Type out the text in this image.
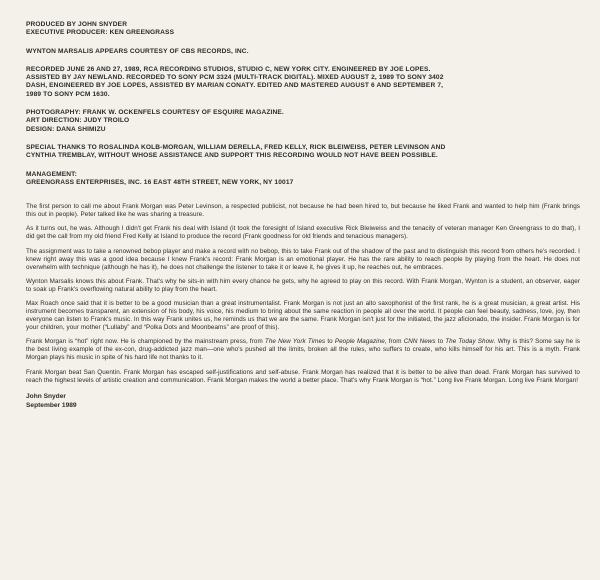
PRODUCED BY JOHN SNYDER

EXECUTIVE PRODUCER: KEN GREENGRASS

WYNTON MARSALIS APPEARS COURTESY OF CBS RECORDS, INC.

RECORDED JUNE 26 AND 27, 1989, RCA RECORDING STUDIOS, STUDIO C, NEW YORK CITY. ENGINEERED BY JOE LOPES.

ASSISTED BY JAY NEWLAND. RECORDED TO SONY PCM 3324 (MULTI-TRACK DIGITAL). MIXED AUGUST 2, 1989 TO SONY 3402

DASH, ENGINEERED BY JOE LOPES, ASSISTED BY MARIAN CONATY. EDITED AND MASTERED AUGUST 6 AND SEPTEMBER 7,

1989 TO SONY PCM 1630.

PHOTOGRAPHY: FRANK W. OCKENFELS COURTESY OF ESQUIRE MAGAZINE.

ART DIRECTION: JUDY TROILO

DESIGN: DANA SHIMIZU

SPECIAL THANKS TO ROSALINDA KOLB-MORGAN, WILLIAM DERELLA, FRED KELLY, RICK BLEIWEISS, PETER LEVINSON AND

CYNTHIA TREMBLAY, WITHOUT WHOSE ASSISTANCE AND SUPPORT THIS RECORDING WOULD NOT HAVE BEEN POSSIBLE.

MANAGEMENT:

GREENGRASS ENTERPRISES, INC. 16 EAST 48TH STREET, NEW YORK, NY 10017

The first person to call me about Frank Morgan was Peter Levinson, a respected publicist, not because he had been hired to, but because he liked Frank and wanted to help him (Frank brings this out in people). Peter talked like he was sharing a treasure.

As it turns out, he was. Although I didn't get Frank his deal with Island (it took the foresight of Island executive Rick Bleiweiss and the tenacity of veteran manager Ken Greengrass to do that), I did get the call from my old friend Fred Kelly at Island to produce the record (Frank goodness for old friends and tenacious managers).

The assignment was to take a renowned bebop player and make a record with no bebop, this to take Frank out of the shadow of the past and to distinguish this record from others he's recorded. I knew right away this was a good idea because I knew Frank's record: Frank Morgan is an emotional player. He has the rare ability to reach people by playing from the heart. He does not overwhelm with technique (although he has it), he does not challenge the listener to take it or leave it, he gives it up, he reaches out, he embraces.

Wynton Marsalis knows this about Frank. That's why he sits-in with him every chance he gets, why he agreed to play on this record. With Frank Morgan, Wynton is a student, an observer, eager to soak up Frank's overflowing natural ability to play from the heart.

Max Roach once said that it is better to be a good musician than a great instrumentalist. Frank Morgan is not just an alto saxophonist of the first rank, he is a great musician, a great artist. His instrument becomes transparent, an extension of his body, his voice, his medium to bring about the same reaction in people all over the world. It people can feel beauty, sadness, love, joy, then everyone can listen to Frank's music. In this way Frank unites us, he reminds us that we are the same. Frank Morgan isn't just for the initiated, the jazz aficionado, the insider. Frank Morgan is for your children, your mother (“Lullaby” and “Polka Dots and Moonbeams” are proof of this).

Frank Morgan is “hot” right now. He is championed by the mainstream press, from The New York Times to People Magazine, from CNN News to The Today Show. Why is this? Some say he is the best living example of the ex-con, drug-addicted jazz man—one who's pushed all the limits, broken all the rules, who suffers to create, who kills himself for his art. This is a myth. Frank Morgan plays his music in spite of his hard life not thanks to it.

Frank Morgan beat San Quentin. Frank Morgan has escaped self-justifications and self-abuse. Frank Morgan has realized that it is better to be alive than dead. Frank Morgan has survived to reach the highest levels of artistic creation and communication. Frank Morgan makes the world a better place. That's why Frank Morgan is “hot.” Long live Frank Morgan. Long live Frank Morgan!

John Snyder
September 1989
